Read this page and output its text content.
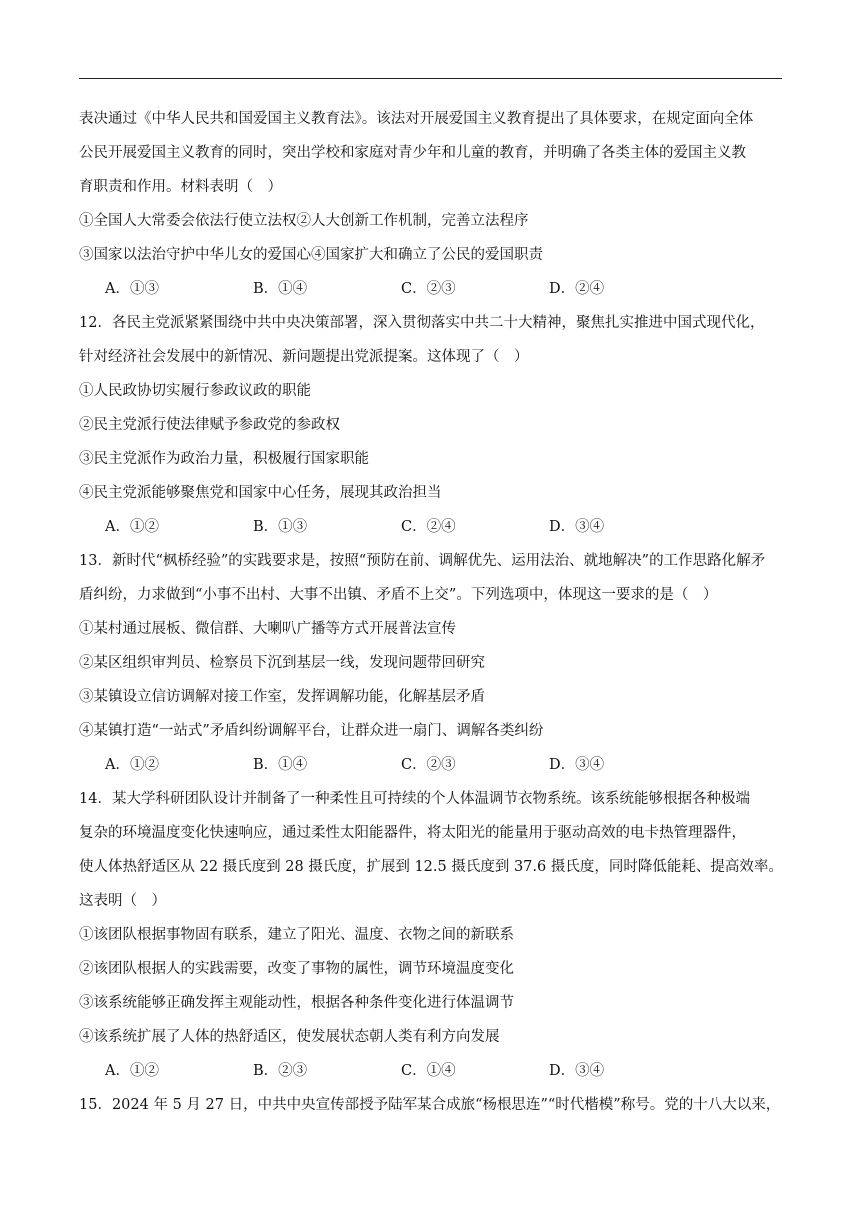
表决通过《中华人民共和国爱国主义教育法》。该法对开展爱国主义教育提出了具体要求，在规定面向全体
公民开展爱国主义教育的同时，突出学校和家庭对青少年和儿童的教育，并明确了各类主体的爱国主义教
育职责和作用。材料表明（　）
①全国人大常委会依法行使立法权②人大创新工作机制，完善立法程序
③国家以法治守护中华儿女的爱国心④国家扩大和确立了公民的爱国职责
A．①③	B．①④	C．②③	D．②④
12．各民主党派紧紧围绕中共中央决策部署，深入贯彻落实中共二十大精神，聚焦扎实推进中国式现代化，
针对经济社会发展中的新情况、新问题提出党派提案。这体现了（　）
①人民政协切实履行参政议政的职能
②民主党派行使法律赋予参政党的参政权
③民主党派作为政治力量，积极履行国家职能
④民主党派能够聚焦党和国家中心任务，展现其政治担当
A．①②	B．①③	C．②④	D．③④
13．新时代“枫桥经验”的实践要求是，按照“预防在前、调解优先、运用法治、就地解决”的工作思路化解矛
盾纠纷，力求做到“小事不出村、大事不出镇、矛盾不上交”。下列选项中，体现这一要求的是（　）
①某村通过展板、微信群、大喇叭广播等方式开展普法宣传
②某区组织审判员、检察员下沉到基层一线，发现问题带回研究
③某镇设立信访调解对接工作室，发挥调解功能，化解基层矛盾
④某镇打造“一站式”矛盾纠纷调解平台，让群众进一扇门、调解各类纠纷
A．①②	B．①④	C．②③	D．③④
14．某大学科研团队设计并制备了一种柔性且可持续的个人体温调节衣物系统。该系统能够根据各种极端
复杂的环境温度变化快速响应，通过柔性太阳能器件，将太阳光的能量用于驱动高效的电卡热管理器件，
使人体热舒适区从 22 摄氏度到 28 摄氏度，扩展到 12.5 摄氏度到 37.6 摄氏度，同时降低能耗、提高效率。
这表明（　）
①该团队根据事物固有联系，建立了阳光、温度、衣物之间的新联系
②该团队根据人的实践需要，改变了事物的属性，调节环境温度变化
③该系统能够正确发挥主观能动性，根据各种条件变化进行体温调节
④该系统扩展了人体的热舒适区，使发展状态朝人类有利方向发展
A．①②	B．②③	C．①④	D．③④
15．2024 年 5 月 27 日，中共中央宣传部授予陆军某合成旅“杨根思连”“时代楷模”称号。党的十八大以来，
